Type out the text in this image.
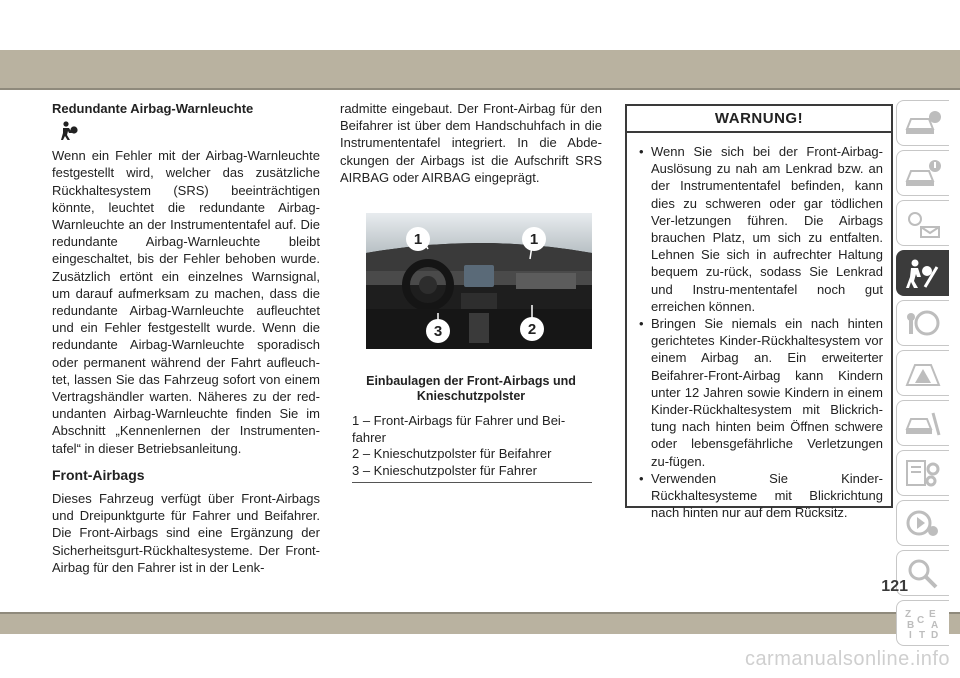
Redundante Airbag-Warnleuchte

Wenn ein Fehler mit der Airbag-Warnleuchte festgestellt wird, welcher das zusätzliche Rückhaltesystem (SRS) beeinträchtigen könnte, leuchtet die redundante Airbag-Warnleuchte an der Instrumententafel auf. Die redundante Airbag-Warnleuchte bleibt eingeschaltet, bis der Fehler behoben wurde. Zusätzlich ertönt ein einzelnes Warnsignal, um darauf aufmerksam zu machen, dass die redundante Airbag-Warnleuchte aufleuchtet und ein Fehler festgestellt wurde. Wenn die redundante Airbag-Warnleuchte sporadisch oder permanent während der Fahrt aufleuch-tet, lassen Sie das Fahrzeug sofort von einem Vertragshändler warten. Näheres zu der red-undanten Airbag-Warnleuchte finden Sie im Abschnitt „Kennenlernen der Instrumenten-tafel“ in dieser Betriebsanleitung.

Front-Airbags

Dieses Fahrzeug verfügt über Front-Airbags und Dreipunktgurte für Fahrer und Beifahrer. Die Front-Airbags sind eine Ergänzung der Sicherheitsgurt-Rückhaltesysteme. Der Front-Airbag für den Fahrer ist in der Lenk-

radmitte eingebaut. Der Front-Airbag für den Beifahrer ist über dem Handschuhfach in die Instrumententafel integriert. In die Abde-ckungen der Airbags ist die Aufschrift SRS AIRBAG oder AIRBAG eingeprägt.

1	1
3	2
Einbaulagen der Front-Airbags und Knieschutzpolster
1 – Front-Airbags für Fahrer und Bei-fahrer
2 – Knieschutzpolster für Beifahrer
3 – Knieschutzpolster für Fahrer
WARNUNG!
• Wenn Sie sich bei der Front-Airbag-Auslösung zu nah am Lenkrad bzw. an der Instrumententafel befinden, kann dies zu schweren oder gar tödlichen Ver-letzungen führen. Die Airbags brauchen Platz, um sich zu entfalten. Lehnen Sie sich in aufrechter Haltung bequem zu-rück, sodass Sie Lenkrad und Instru-mententafel noch gut erreichen können.
• Bringen Sie niemals ein nach hinten gerichtetes Kinder-Rückhaltesystem vor einem Airbag an. Ein erweiterter Beifahrer-Front-Airbag kann Kindern unter 12 Jahren sowie Kindern in einem Kinder-Rückhaltesystem mit Blickrich-tung nach hinten beim Öffnen schwere oder lebensgefährliche Verletzungen zu-fügen.
• Verwenden Sie Kinder-Rückhaltesysteme mit Blickrichtung nach hinten nur auf dem Rücksitz.
Z E
B A
C
D
I T
121
carmanualsonline.info
